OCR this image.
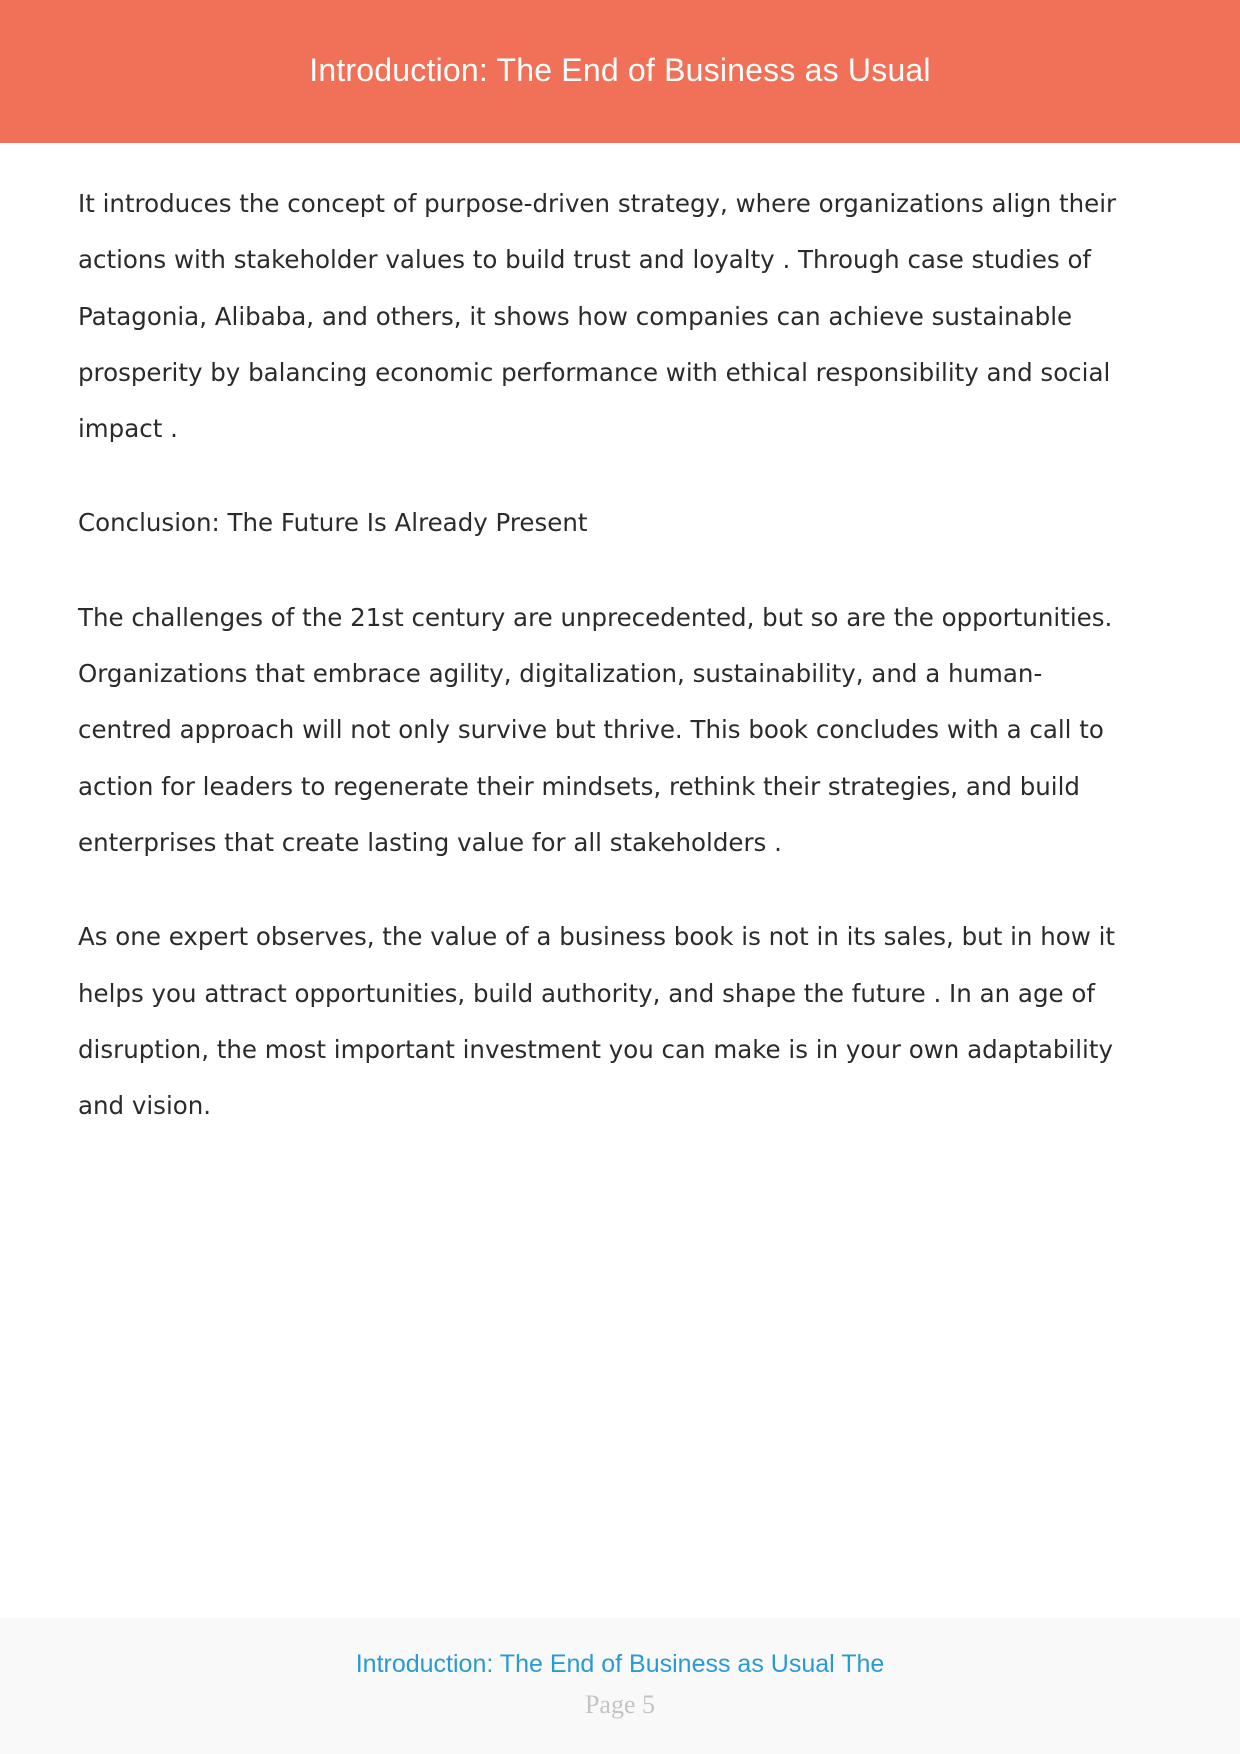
Introduction: The End of Business as Usual

It introduces the concept of purpose-driven strategy, where organizations align their
actions with stakeholder values to build trust and loyalty . Through case studies of
Patagonia, Alibaba, and others, it shows how companies can achieve sustainable
prosperity by balancing economic performance with ethical responsibility and social
impact .

Conclusion: The Future Is Already Present

The challenges of the 21st century are unprecedented, but so are the opportunities.
Organizations that embrace agility, digitalization, sustainability, and a human-
centred approach will not only survive but thrive. This book concludes with a call to
action for leaders to regenerate their mindsets, rethink their strategies, and build
enterprises that create lasting value for all stakeholders .

As one expert observes, the value of a business book is not in its sales, but in how it
helps you attract opportunities, build authority, and shape the future . In an age of
disruption, the most important investment you can make is in your own adaptability
and vision.

Introduction: The End of Business as Usual The
Page 5
